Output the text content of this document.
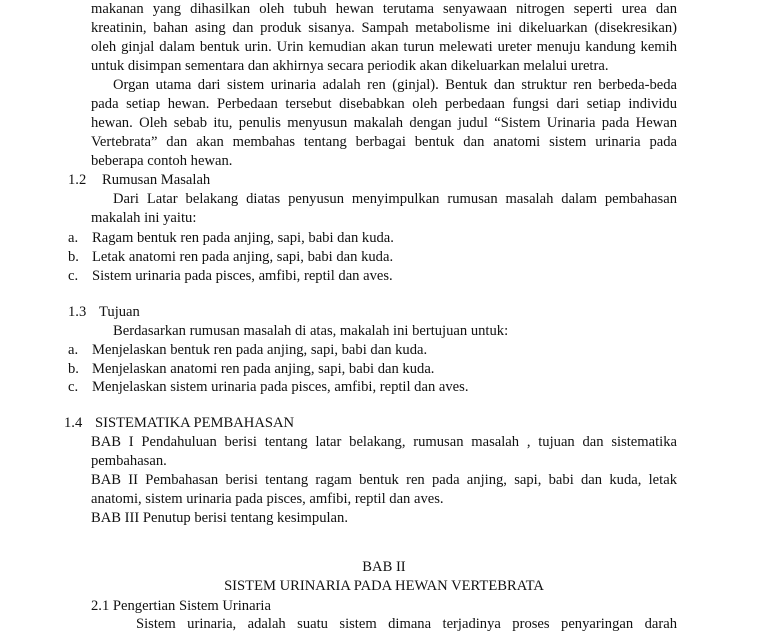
makanan yang dihasilkan oleh tubuh hewan terutama senyawaan nitrogen seperti urea dan
kreatinin, bahan asing dan produk sisanya. Sampah metabolisme ini dikeluarkan (disekresikan)
oleh ginjal dalam bentuk urin. Urin kemudian akan turun melewati ureter menuju kandung kemih
untuk disimpan sementara dan akhirnya secara periodik akan dikeluarkan melalui uretra.
Organ utama dari sistem urinaria adalah ren (ginjal). Bentuk dan struktur ren berbeda-beda
pada setiap hewan. Perbedaan tersebut disebabkan oleh perbedaan fungsi dari setiap individu
hewan. Oleh sebab itu, penulis menyusun makalah dengan judul “Sistem Urinaria pada Hewan
Vertebrata” dan akan membahas tentang berbagai bentuk dan anatomi sistem urinaria pada
beberapa contoh hewan.
1.2 Rumusan Masalah
Dari Latar belakang diatas penyusun menyimpulkan rumusan masalah dalam pembahasan
makalah ini yaitu:
a. Ragam bentuk ren pada anjing, sapi, babi dan kuda.
b. Letak anatomi ren pada anjing, sapi, babi dan kuda.
c. Sistem urinaria pada pisces, amfibi, reptil dan aves.
1.3 Tujuan
Berdasarkan rumusan masalah di atas, makalah ini bertujuan untuk:
a. Menjelaskan bentuk ren pada anjing, sapi, babi dan kuda.
b. Menjelaskan anatomi ren pada anjing, sapi, babi dan kuda.
c. Menjelaskan sistem urinaria pada pisces, amfibi, reptil dan aves.
1.4 SISTEMATIKA PEMBAHASAN
BAB I Pendahuluan berisi tentang latar belakang, rumusan masalah , tujuan dan sistematika
pembahasan.
BAB II Pembahasan berisi tentang ragam bentuk ren pada anjing, sapi, babi dan kuda, letak
anatomi, sistem urinaria pada pisces, amfibi, reptil dan aves.
BAB III Penutup berisi tentang kesimpulan.
BAB II
SISTEM URINARIA PADA HEWAN VERTEBRATA
2.1 Pengertian Sistem Urinaria
Sistem urinaria, adalah suatu sistem dimana terjadinya proses penyaringan darah
